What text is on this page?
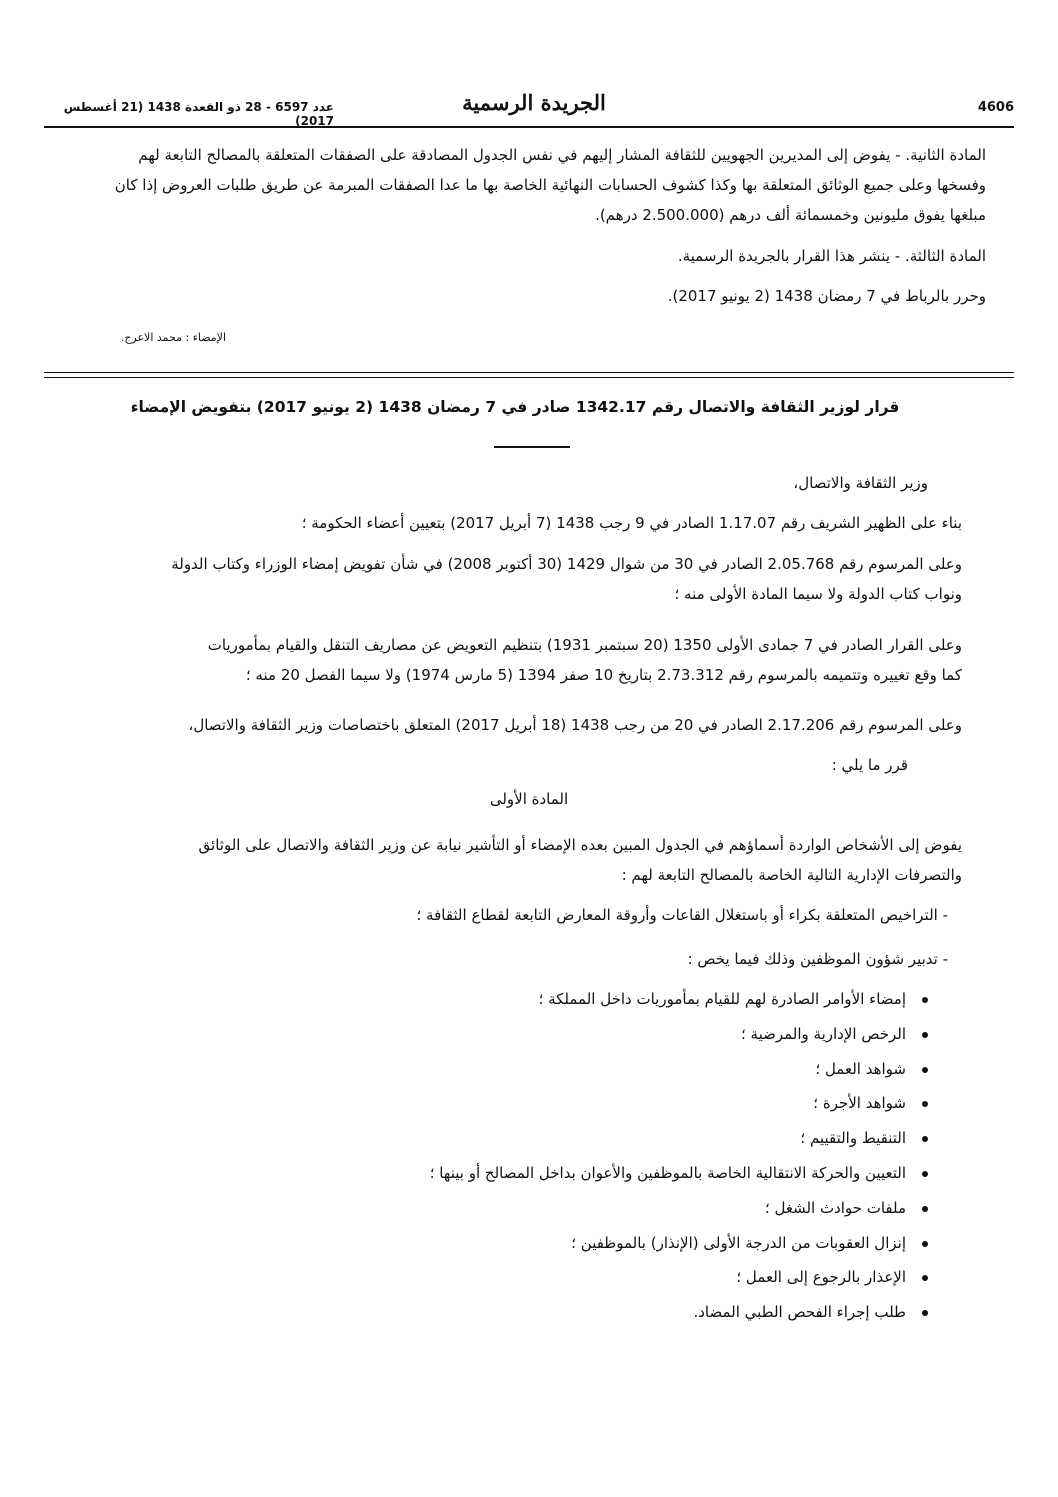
4606
الجريدة الرسمية
عدد 6597 - 28 ذو القعدة 1438 (21 أغسطس 2017)
المادة الثانية. - يفوض إلى المديرين الجهويين للثقافة المشار إليهم في نفس الجدول المصادقة على الصفقات المتعلقة بالمصالح التابعة لهم
وفسخها وعلى جميع الوثائق المتعلقة بها وكذا كشوف الحسابات النهائية الخاصة بها ما عدا الصفقات المبرمة عن طريق طلبات العروض إذا كان
مبلغها يفوق مليونين وخمسمائة ألف درهم (2.500.000 درهم).
المادة الثالثة. - ينشر هذا القرار بالجريدة الرسمية.
وحرر بالرباط في 7 رمضان 1438 (2 يونيو 2017).
الإمضاء : محمد الاعرج.
قرار لوزير الثقافة والاتصال رقم 1342.17 صادر في 7 رمضان 1438 (2 يونيو 2017) بتفويض الإمضاء
وزير الثقافة والاتصال،
بناء على الظهير الشريف رقم 1.17.07 الصادر في 9 رجب 1438 (7 أبريل 2017) بتعيين أعضاء الحكومة ؛
وعلى المرسوم رقم 2.05.768 الصادر في 30 من شوال 1429 (30 أكتوبر 2008) في شأن تفويض إمضاء الوزراء وكتاب الدولة
ونواب كتاب الدولة ولا سيما المادة الأولى منه ؛
وعلى القرار الصادر في 7 جمادى الأولى 1350 (20 سبتمبر 1931) بتنظيم التعويض عن مصاريف التنقل والقيام بمأموريات
كما وقع تغييره وتتميمه بالمرسوم رقم 2.73.312 بتاريخ 10 صفر 1394 (5 مارس 1974) ولا سيما الفصل 20 منه ؛
وعلى المرسوم رقم 2.17.206 الصادر في 20 من رجب 1438 (18 أبريل 2017) المتعلق باختصاصات وزير الثقافة والاتصال،
قرر ما يلي :
المادة الأولى
يفوض إلى الأشخاص الواردة أسماؤهم في الجدول المبين بعده الإمضاء أو التأشير نيابة عن وزير الثقافة والاتصال على الوثائق
والتصرفات الإدارية التالية الخاصة بالمصالح التابعة لهم :
- التراخيص المتعلقة بكراء أو باستغلال القاعات وأروقة المعارض التابعة لقطاع الثقافة ؛
- تدبير شؤون الموظفين وذلك فيما يخص :
إمضاء الأوامر الصادرة لهم للقيام بمأموريات داخل المملكة ؛
الرخص الإدارية والمرضية ؛
شواهد العمل ؛
شواهد الأجرة ؛
التنقيط والتقييم ؛
التعيين والحركة الانتقالية الخاصة بالموظفين والأعوان بداخل المصالح أو بينها ؛
ملفات حوادث الشغل ؛
إنزال العقوبات من الدرجة الأولى (الإنذار) بالموظفين ؛
الإعذار بالرجوع إلى العمل ؛
طلب إجراء الفحص الطبي المضاد.
